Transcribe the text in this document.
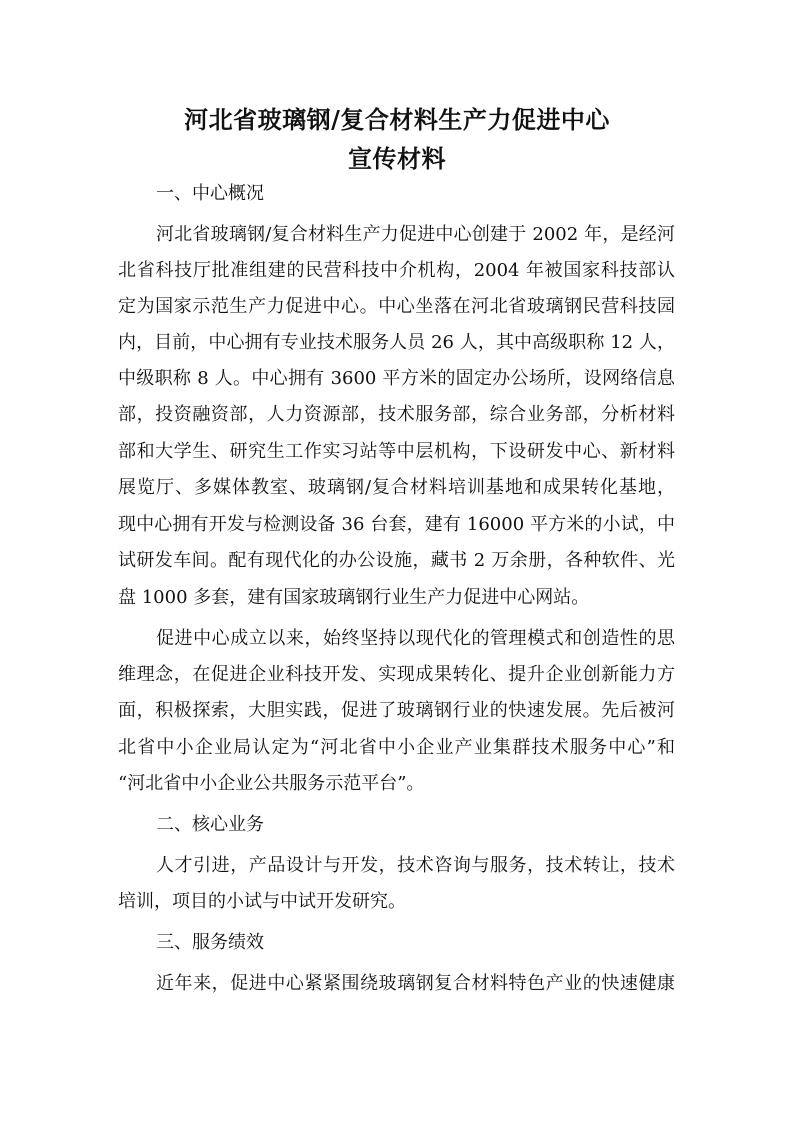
河北省玻璃钢/复合材料生产力促进中心
宣传材料
一、中心概况
河北省玻璃钢/复合材料生产力促进中心创建于 2002 年，是经河
北省科技厅批准组建的民营科技中介机构，2004 年被国家科技部认
定为国家示范生产力促进中心。中心坐落在河北省玻璃钢民营科技园
内，目前，中心拥有专业技术服务人员 26 人，其中高级职称 12 人，
中级职称 8 人。中心拥有 3600 平方米的固定办公场所，设网络信息
部，投资融资部，人力资源部，技术服务部，综合业务部，分析材料
部和大学生、研究生工作实习站等中层机构，下设研发中心、新材料
展览厅、多媒体教室、玻璃钢/复合材料培训基地和成果转化基地，
现中心拥有开发与检测设备 36 台套，建有 16000 平方米的小试，中
试研发车间。配有现代化的办公设施，藏书 2 万余册，各种软件、光
盘 1000 多套，建有国家玻璃钢行业生产力促进中心网站。
促进中心成立以来，始终坚持以现代化的管理模式和创造性的思
维理念，在促进企业科技开发、实现成果转化、提升企业创新能力方
面，积极探索，大胆实践，促进了玻璃钢行业的快速发展。先后被河
北省中小企业局认定为“河北省中小企业产业集群技术服务中心”和
“河北省中小企业公共服务示范平台”。
二、核心业务
人才引进，产品设计与开发，技术咨询与服务，技术转让，技术
培训，项目的小试与中试开发研究。
三、服务绩效
近年来，促进中心紧紧围绕玻璃钢复合材料特色产业的快速健康
